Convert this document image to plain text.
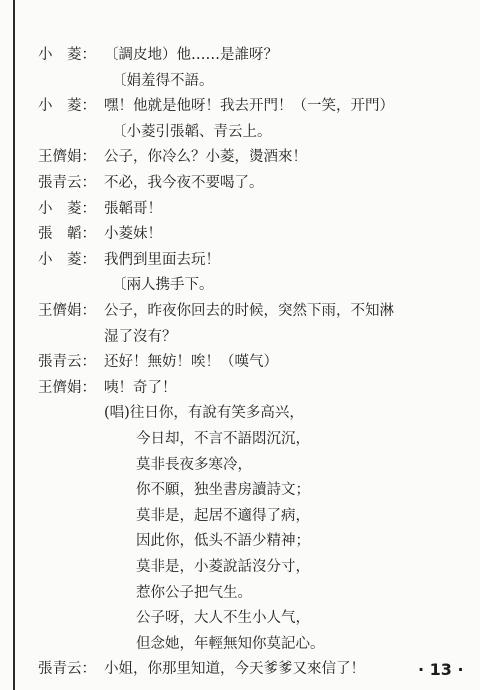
小　菱： 〔調皮地）他……是誰呀？
〔娟羞得不語。
小　菱： 嘿！他就是他呀！我去开門！（一笑，开門）
〔小菱引張韜、青云上。
王儕娟： 公子，你冷么？小菱，燙酒來！
張青云： 不必，我今夜不要喝了。
小　菱： 張韜哥！
張　韜： 小菱妹！
小　菱： 我們到里面去玩！
〔兩人携手下。
王儕娟： 公子，昨夜你回去的时候，突然下雨，不知淋
湿了沒有？
張青云： 还好！無妨！唉！（嘆气）
王儕娟： 咦！奇了！
(唱)往日你，有說有笑多高兴，
今日却，不言不語悶沉沉，
莫非長夜多寒冷，
你不願，独坐書房讀詩文；
莫非是，起居不適得了病，
因此你，低头不語少精神；
莫非是，小菱說話沒分寸，
惹你公子把气生。
公子呀，大人不生小人气，
但念她，年輕無知你莫記心。
張青云： 小姐，你那里知道，今天爹爹又來信了！	· 13 ·
